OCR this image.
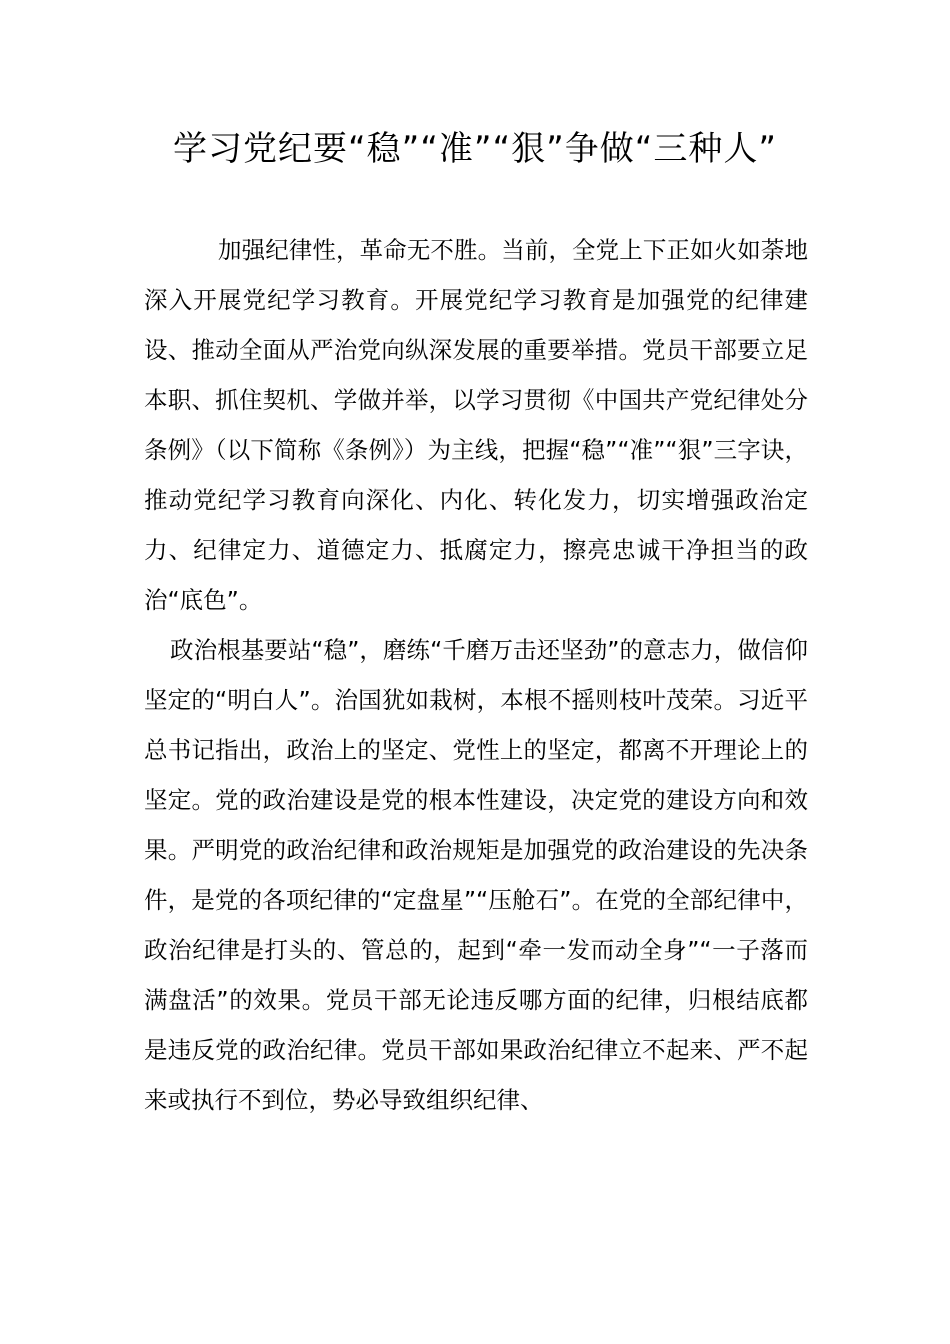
学习党纪要“稳”“准”“狠”争做“三种人”

加强纪律性，革命无不胜。当前，全党上下正如火如荼地深入开展党纪学习教育。开展党纪学习教育是加强党的纪律建设、推动全面从严治党向纵深发展的重要举措。党员干部要立足本职、抓住契机、学做并举，以学习贯彻《中国共产党纪律处分条例》（以下简称《条例》）为主线，把握“稳”“准”“狠”三字诀，推动党纪学习教育向深化、内化、转化发力，切实增强政治定力、纪律定力、道德定力、抵腐定力，擦亮忠诚干净担当的政治“底色”。

政治根基要站“稳”，磨练“千磨万击还坚劲”的意志力，做信仰坚定的“明白人”。治国犹如栽树，本根不摇则枝叶茂荣。习近平总书记指出，政治上的坚定、党性上的坚定，都离不开理论上的坚定。党的政治建设是党的根本性建设，决定党的建设方向和效果。严明党的政治纪律和政治规矩是加强党的政治建设的先决条件，是党的各项纪律的“定盘星”“压舱石”。在党的全部纪律中，政治纪律是打头的、管总的，起到“牵一发而动全身”“一子落而满盘活”的效果。党员干部无论违反哪方面的纪律，归根结底都是违反党的政治纪律。党员干部如果政治纪律立不起来、严不起来或执行不到位，势必导致组织纪律、
